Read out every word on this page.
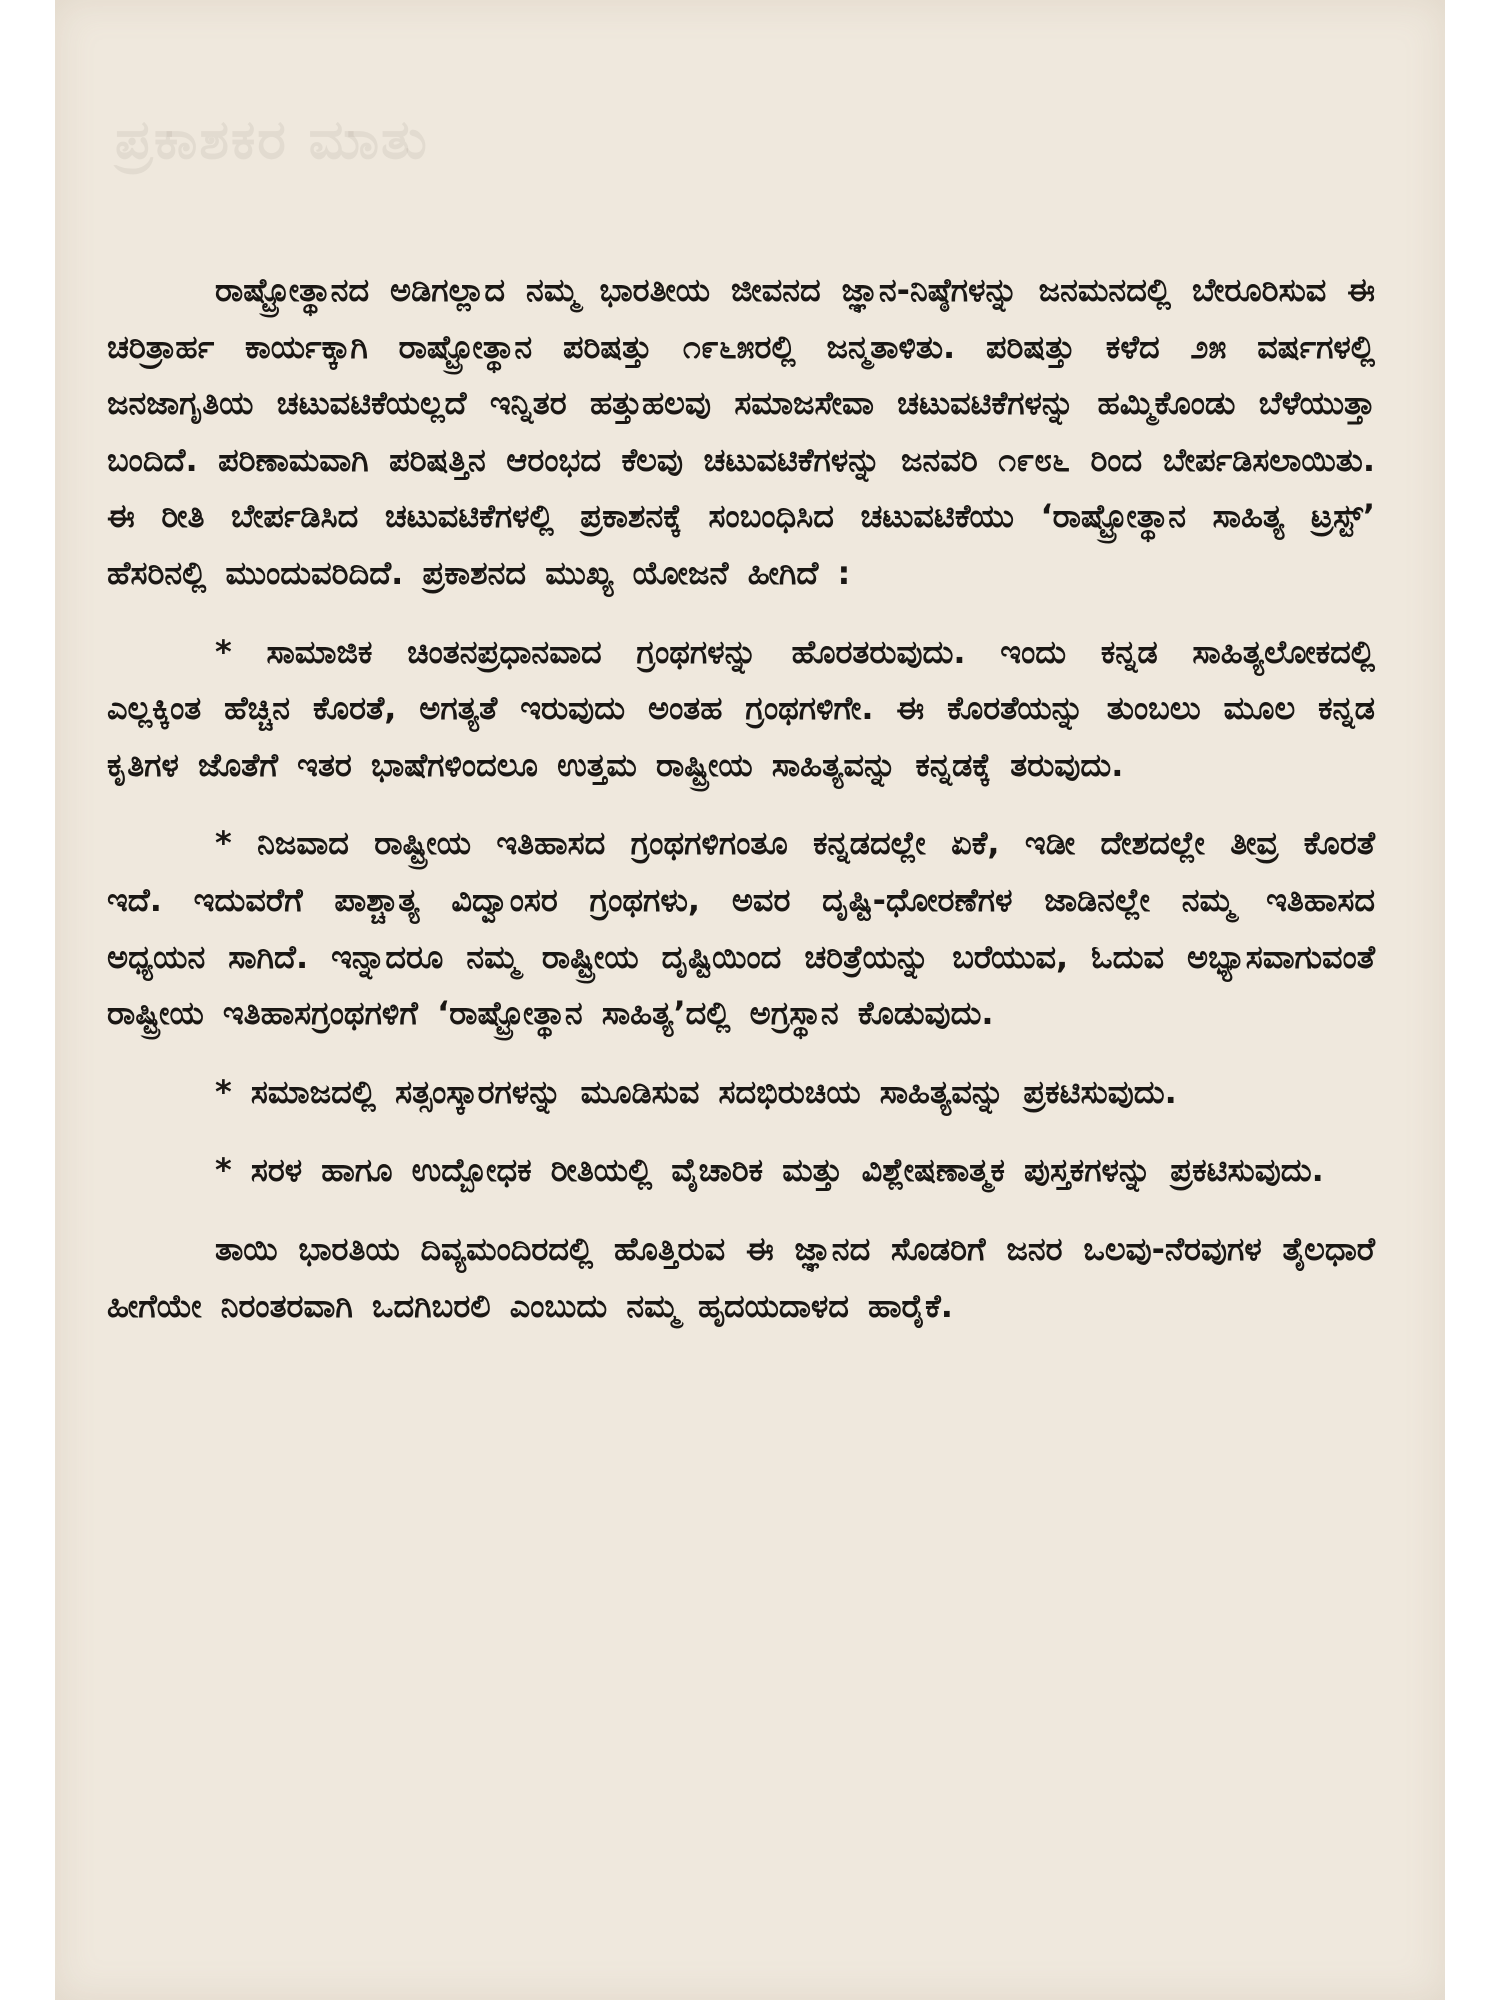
ಪ್ರಕಾಶಕರ ಮಾತು

ರಾಷ್ಟ್ರೋತ್ಥಾನದ ಅಡಿಗಲ್ಲಾದ ನಮ್ಮ ಭಾರತೀಯ ಜೀವನದ ಜ್ಞಾನ-ನಿಷ್ಠೆಗಳನ್ನು ಜನಮನದಲ್ಲಿ ಬೇರೂರಿಸುವ ಈ ಚರಿತ್ರಾರ್ಹ ಕಾರ್ಯಕ್ಕಾಗಿ ರಾಷ್ಟ್ರೋತ್ಥಾನ ಪರಿಷತ್ತು ೧೯೬೫ರಲ್ಲಿ ಜನ್ಮತಾಳಿತು. ಪರಿಷತ್ತು ಕಳೆದ ೨೫ ವರ್ಷಗಳಲ್ಲಿ ಜನಜಾಗೃತಿಯ ಚಟುವಟಿಕೆಯಲ್ಲದೆ ಇನ್ನಿತರ ಹತ್ತುಹಲವು ಸಮಾಜಸೇವಾ ಚಟುವಟಿಕೆಗಳನ್ನು ಹಮ್ಮಿಕೊಂಡು ಬೆಳೆಯುತ್ತಾ ಬಂದಿದೆ. ಪರಿಣಾಮವಾಗಿ ಪರಿಷತ್ತಿನ ಆರಂಭದ ಕೆಲವು ಚಟುವಟಿಕೆಗಳನ್ನು ಜನವರಿ ೧೯೮೬ ರಿಂದ ಬೇರ್ಪಡಿಸಲಾಯಿತು. ಈ ರೀತಿ ಬೇರ್ಪಡಿಸಿದ ಚಟುವಟಿಕೆಗಳಲ್ಲಿ ಪ್ರಕಾಶನಕ್ಕೆ ಸಂಬಂಧಿಸಿದ ಚಟುವಟಿಕೆಯು ‘ರಾಷ್ಟ್ರೋತ್ಥಾನ ಸಾಹಿತ್ಯ ಟ್ರಸ್ಟ್’ ಹೆಸರಿನಲ್ಲಿ ಮುಂದುವರಿದಿದೆ. ಪ್ರಕಾಶನದ ಮುಖ್ಯ ಯೋಜನೆ ಹೀಗಿದೆ :

* ಸಾಮಾಜಿಕ ಚಿಂತನಪ್ರಧಾನವಾದ ಗ್ರಂಥಗಳನ್ನು ಹೊರತರುವುದು. ಇಂದು ಕನ್ನಡ ಸಾಹಿತ್ಯಲೋಕದಲ್ಲಿ ಎಲ್ಲಕ್ಕಿಂತ ಹೆಚ್ಚಿನ ಕೊರತೆ, ಅಗತ್ಯತೆ ಇರುವುದು ಅಂತಹ ಗ್ರಂಥಗಳಿಗೇ. ಈ ಕೊರತೆಯನ್ನು ತುಂಬಲು ಮೂಲ ಕನ್ನಡ ಕೃತಿಗಳ ಜೊತೆಗೆ ಇತರ ಭಾಷೆಗಳಿಂದಲೂ ಉತ್ತಮ ರಾಷ್ಟ್ರೀಯ ಸಾಹಿತ್ಯವನ್ನು ಕನ್ನಡಕ್ಕೆ ತರುವುದು.

* ನಿಜವಾದ ರಾಷ್ಟ್ರೀಯ ಇತಿಹಾಸದ ಗ್ರಂಥಗಳಿಗಂತೂ ಕನ್ನಡದಲ್ಲೇ ಏಕೆ, ಇಡೀ ದೇಶದಲ್ಲೇ ತೀವ್ರ ಕೊರತೆ ಇದೆ. ಇದುವರೆಗೆ ಪಾಶ್ಚಾತ್ಯ ವಿದ್ವಾಂಸರ ಗ್ರಂಥಗಳು, ಅವರ ದೃಷ್ಟಿ-ಧೋರಣೆಗಳ ಜಾಡಿನಲ್ಲೇ ನಮ್ಮ ಇತಿಹಾಸದ ಅಧ್ಯಯನ ಸಾಗಿದೆ. ಇನ್ನಾದರೂ ನಮ್ಮ ರಾಷ್ಟ್ರೀಯ ದೃಷ್ಟಿಯಿಂದ ಚರಿತ್ರೆಯನ್ನು ಬರೆಯುವ, ಓದುವ ಅಭ್ಯಾಸವಾಗುವಂತೆ ರಾಷ್ಟ್ರೀಯ ಇತಿಹಾಸಗ್ರಂಥಗಳಿಗೆ ‘ರಾಷ್ಟ್ರೋತ್ಥಾನ ಸಾಹಿತ್ಯ’ದಲ್ಲಿ ಅಗ್ರಸ್ಥಾನ ಕೊಡುವುದು.

* ಸಮಾಜದಲ್ಲಿ ಸತ್ಸಂಸ್ಕಾರಗಳನ್ನು ಮೂಡಿಸುವ ಸದಭಿರುಚಿಯ ಸಾಹಿತ್ಯವನ್ನು ಪ್ರಕಟಿಸುವುದು.

* ಸರಳ ಹಾಗೂ ಉದ್ಬೋಧಕ ರೀತಿಯಲ್ಲಿ ವೈಚಾರಿಕ ಮತ್ತು ವಿಶ್ಲೇಷಣಾತ್ಮಕ ಪುಸ್ತಕಗಳನ್ನು ಪ್ರಕಟಿಸುವುದು.

ತಾಯಿ ಭಾರತಿಯ ದಿವ್ಯಮಂದಿರದಲ್ಲಿ ಹೊತ್ತಿರುವ ಈ ಜ್ಞಾನದ ಸೊಡರಿಗೆ ಜನರ ಒಲವು-ನೆರವುಗಳ ತೈಲಧಾರೆ ಹೀಗೆಯೇ ನಿರಂತರವಾಗಿ ಒದಗಿಬರಲಿ ಎಂಬುದು ನಮ್ಮ ಹೃದಯದಾಳದ ಹಾರೈಕೆ.
